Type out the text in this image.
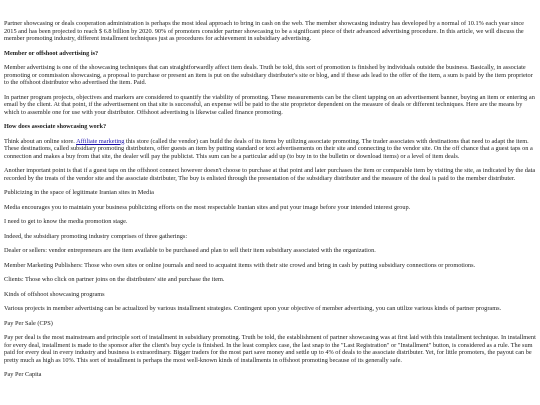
Partner showcasing or deals cooperation administration is perhaps the most ideal approach to bring in cash on the web. The member showcasing industry has developed by a normal of 10.1% each year since 2015 and has been projected to reach $ 6.8 billion by 2020. 90% of promoters consider partner showcasing to be a significant piece of their advanced advertising procedure. In this article, we will discuss the member promoting industry, different installment techniques just as procedures for achievement in subsidiary advertising.

Member or offshoot advertising is?

Member advertising is one of the showcasing techniques that can straightforwardly affect item deals. Truth be told, this sort of promotion is finished by individuals outside the business. Basically, in associate promoting or commission showcasing, a proposal to purchase or present an item is put on the subsidiary distributer's site or blog, and if these ads lead to the offer of the item, a sum is paid by the item proprietor to the offshoot distributor who advertised the item. Paid.

In partner program projects, objectives and markers are considered to quantify the viability of promoting. These measurements can be the client tapping on an advertisement banner, buying an item or entering an email by the client. At that point, if the advertisement on that site is successful, an expense will be paid to the site proprietor dependent on the measure of deals or different techniques. Here are the means by which to assemble one for use with your distributor. Offshoot advertising is likewise called finance promoting.

How does associate showcasing work?

Think about an online store. Affiliate marketing this store (called the vendor) can build the deals of its items by utilizing associate promoting. The trader associates with destinations that need to adapt the item. These destinations, called subsidiary promoting distributers, offer guests an item by putting standard or text advertisements on their site and connecting to the vendor site. On the off chance that a guest taps on a connection and makes a buy from that site, the dealer will pay the publicist. This sum can be a particular add up (to buy in to the bulletin or download items) or a level of item deals.

Another important point is that if a guest taps on the offshoot connect however doesn't choose to purchase at that point and later purchases the item or comparable item by visiting the site, as indicated by the data recorded by the treats of the vendor site and the associate distributer, The buy is enlisted through the presentation of the subsidiary distributer and the measure of the deal is paid to the member distributer.

Publicizing in the space of legitimate Iranian sites in Media

Media encourages you to maintain your business publicizing efforts on the most respectable Iranian sites and put your image before your intended interest group.

I need to get to know the media promotion stage.

Indeed, the subsidiary promoting industry comprises of three gatherings:

Dealer or sellers: vendor entrepreneurs are the item available to be purchased and plan to sell their item subsidiary associated with the organization.

Member Marketing Publishers: Those who own sites or online journals and need to acquaint items with their site crowd and bring in cash by putting subsidiary connections or promotions.

Clients: Those who click on partner joins on the distributers' site and purchase the item.

Kinds of offshoot showcasing programs

Various projects in member advertising can be actualized by various installment strategies. Contingent upon your objective of member advertising, you can utilize various kinds of partner programs.

Pay Per Sale (CPS)

Pay per deal is the most mainstream and principle sort of installment in subsidiary promoting. Truth be told, the establishment of partner showcasing was at first laid with this installment technique. In installment for every deal, installment is made to the sponsor after the client's buy cycle is finished. In the least complex case, the last snap to the "Last Registration" or "Installment" button, is considered as a rule. The sum paid for every deal in every industry and business is extraordinary. Bigger traders for the most part save money and settle up to 4% of deals to the associate distributer. Yet, for little promoters, the payout can be pretty much as high as 10%. This sort of installment is perhaps the most well-known kinds of installments in offshoot promoting because of its generally safe.

Pay Per Capita
